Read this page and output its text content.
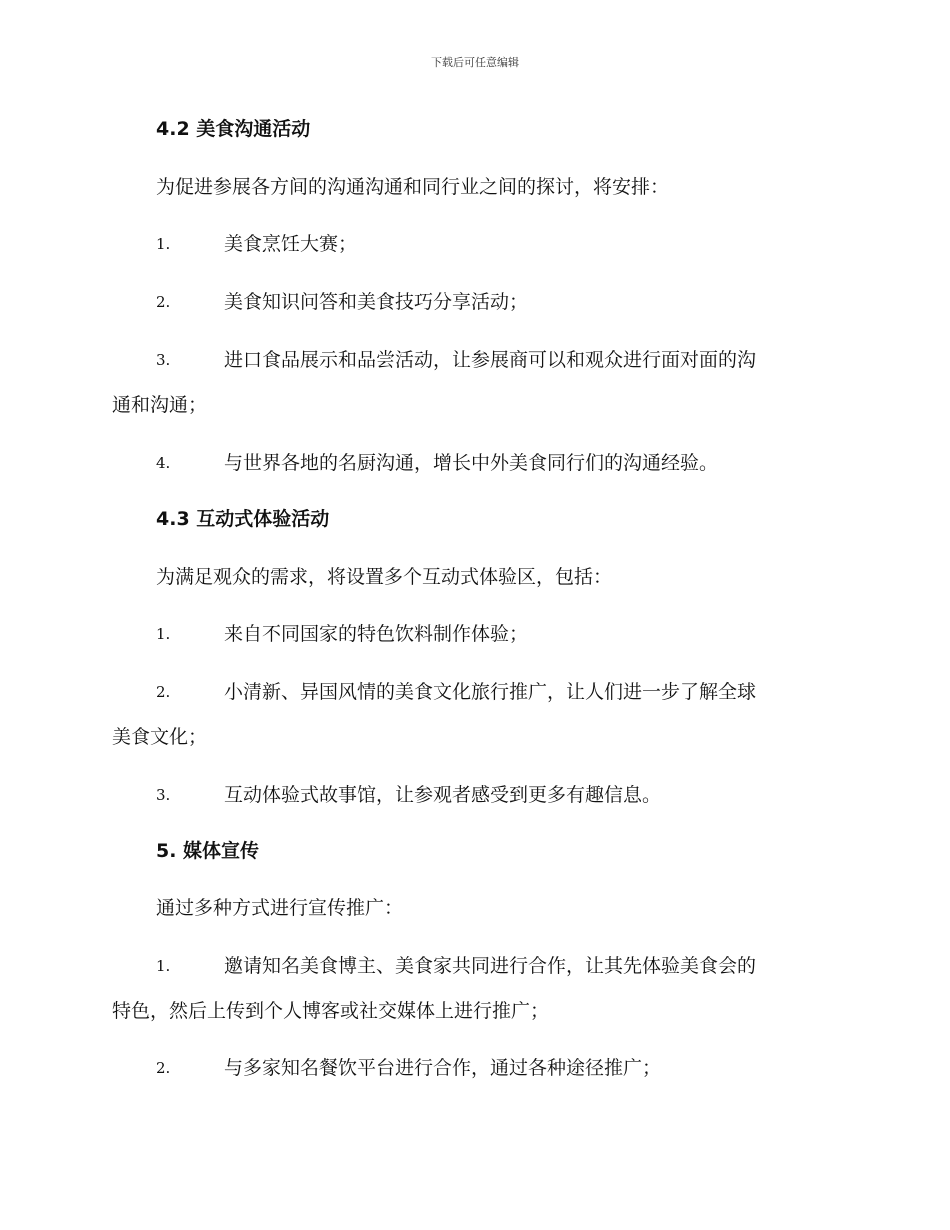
下载后可任意编辑
4.2 美食沟通活动
为促进参展各方间的沟通沟通和同行业之间的探讨，将安排：
1.	美食烹饪大赛；
2.	美食知识问答和美食技巧分享活动；
3.	进口食品展示和品尝活动，让参展商可以和观众进行面对面的沟
通和沟通；
4.	与世界各地的名厨沟通，增长中外美食同行们的沟通经验。
4.3 互动式体验活动
为满足观众的需求，将设置多个互动式体验区，包括：
1.	来自不同国家的特色饮料制作体验；
2.	小清新、异国风情的美食文化旅行推广，让人们进一步了解全球
美食文化；
3.	互动体验式故事馆，让参观者感受到更多有趣信息。
5. 媒体宣传
通过多种方式进行宣传推广：
1.	邀请知名美食博主、美食家共同进行合作，让其先体验美食会的
特色，然后上传到个人博客或社交媒体上进行推广；
2.	与多家知名餐饮平台进行合作，通过各种途径推广；
